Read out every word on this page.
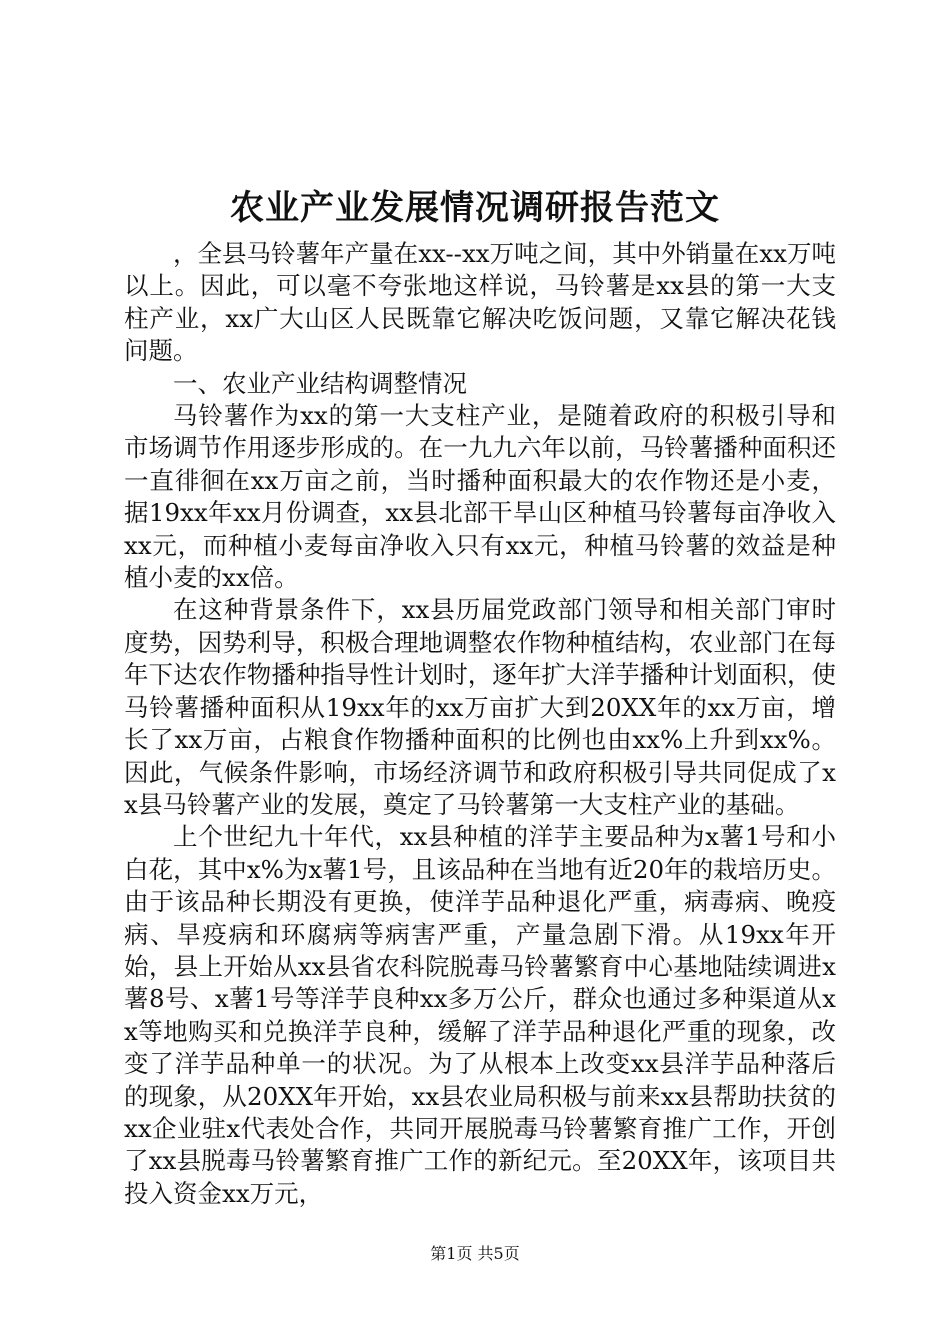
农业产业发展情况调研报告范文

，全县马铃薯年产量在xx--xx万吨之间，其中外销量在xx万吨以上。因此，可以毫不夸张地这样说，马铃薯是xx县的第一大支柱产业，xx广大山区人民既靠它解决吃饭问题，又靠它解决花钱问题。

一、农业产业结构调整情况

马铃薯作为xx的第一大支柱产业，是随着政府的积极引导和市场调节作用逐步形成的。在一九九六年以前，马铃薯播种面积还一直徘徊在xx万亩之前，当时播种面积最大的农作物还是小麦，据19xx年xx月份调查，xx县北部干旱山区种植马铃薯每亩净收入xx元，而种植小麦每亩净收入只有xx元，种植马铃薯的效益是种植小麦的xx倍。

在这种背景条件下，xx县历届党政部门领导和相关部门审时度势，因势利导，积极合理地调整农作物种植结构，农业部门在每年下达农作物播种指导性计划时，逐年扩大洋芋播种计划面积，使马铃薯播种面积从19xx年的xx万亩扩大到20XX年的xx万亩，增长了xx万亩，占粮食作物播种面积的比例也由xx%上升到xx%。因此，气候条件影响，市场经济调节和政府积极引导共同促成了xx县马铃薯产业的发展，奠定了马铃薯第一大支柱产业的基础。

上个世纪九十年代，xx县种植的洋芋主要品种为x薯1号和小白花，其中x%为x薯1号，且该品种在当地有近20年的栽培历史。由于该品种长期没有更换，使洋芋品种退化严重，病毒病、晚疫病、旱疫病和环腐病等病害严重，产量急剧下滑。从19xx年开始，县上开始从xx县省农科院脱毒马铃薯繁育中心基地陆续调进x薯8号、x薯1号等洋芋良种xx多万公斤，群众也通过多种渠道从xx等地购买和兑换洋芋良种，缓解了洋芋品种退化严重的现象，改变了洋芋品种单一的状况。为了从根本上改变xx县洋芋品种落后的现象，从20XX年开始，xx县农业局积极与前来xx县帮助扶贫的xx企业驻x代表处合作，共同开展脱毒马铃薯繁育推广工作，开创了xx县脱毒马铃薯繁育推广工作的新纪元。至20XX年，该项目共投入资金xx万元，

第1页 共5页
